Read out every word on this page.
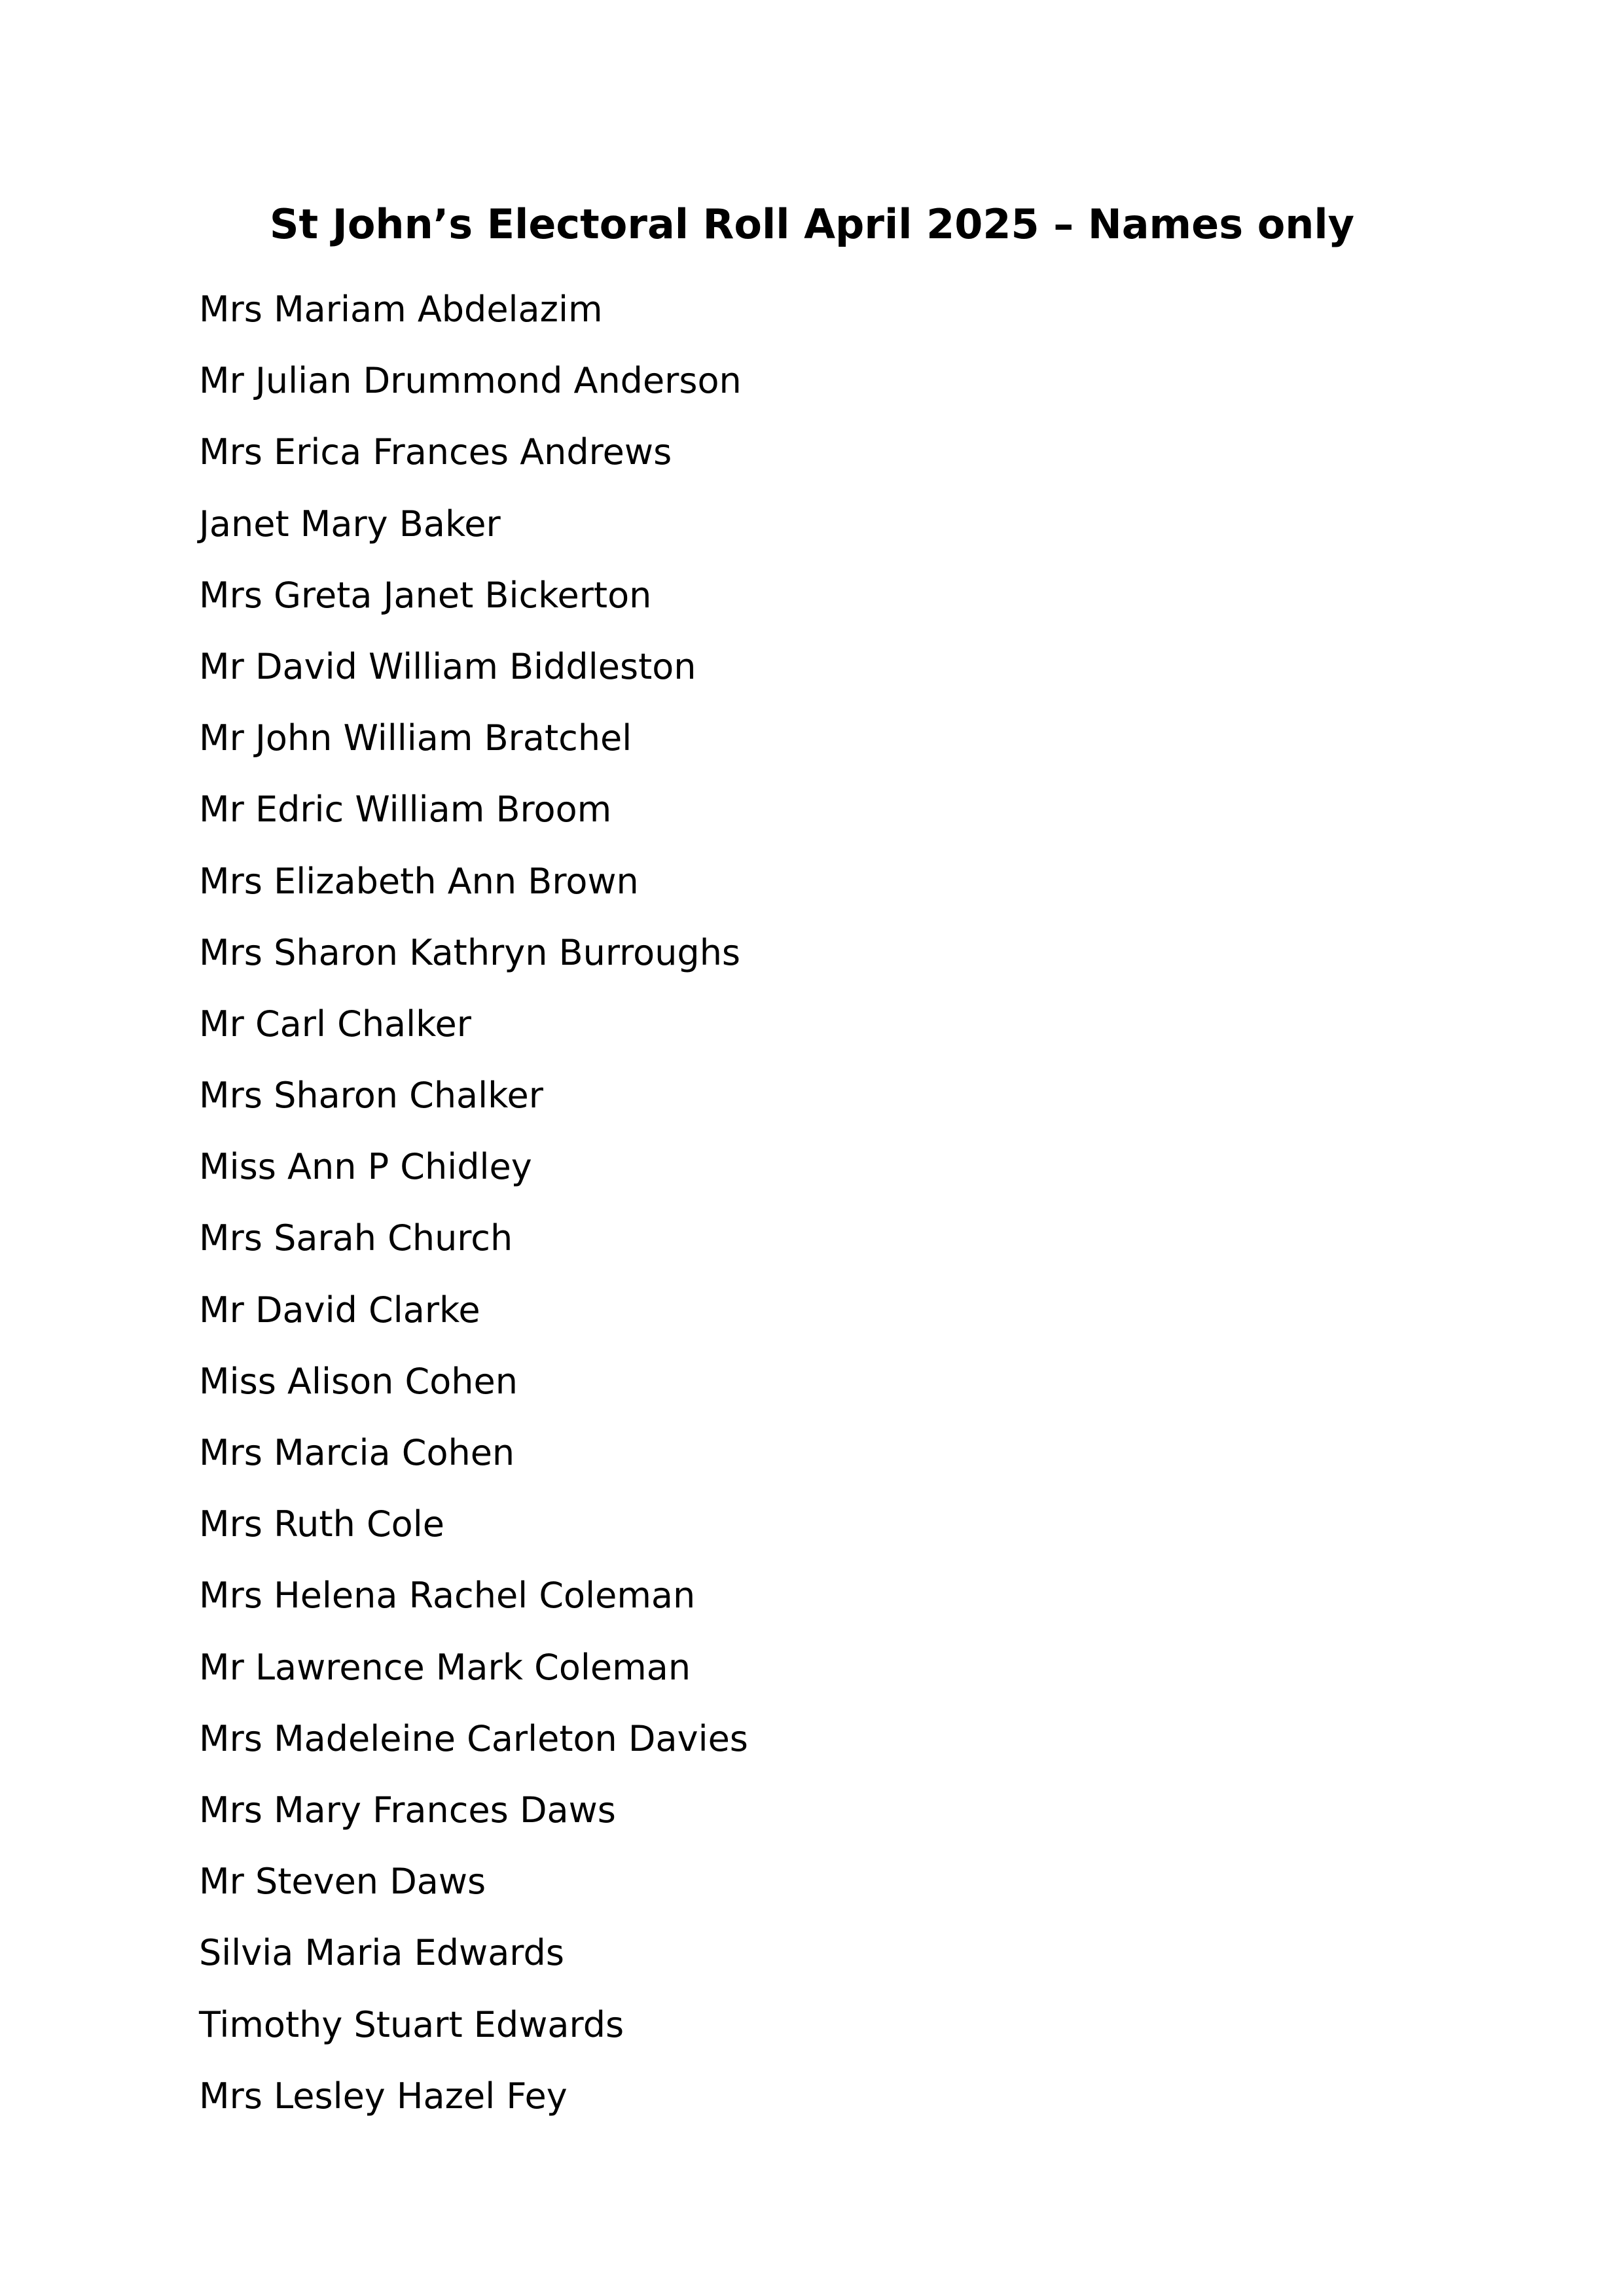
St John’s Electoral Roll April 2025 – Names only
Mrs Mariam Abdelazim
Mr Julian Drummond Anderson
Mrs Erica Frances Andrews
Janet Mary Baker
Mrs Greta Janet Bickerton
Mr David William Biddleston
Mr John William Bratchel
Mr Edric William Broom
Mrs Elizabeth Ann Brown
Mrs Sharon Kathryn Burroughs
Mr Carl Chalker
Mrs Sharon Chalker
Miss Ann P Chidley
Mrs Sarah Church
Mr David Clarke
Miss Alison Cohen
Mrs Marcia Cohen
Mrs Ruth Cole
Mrs Helena Rachel Coleman
Mr Lawrence Mark Coleman
Mrs Madeleine Carleton Davies
Mrs Mary Frances Daws
Mr Steven Daws
Silvia Maria Edwards
Timothy Stuart Edwards
Mrs Lesley Hazel Fey
